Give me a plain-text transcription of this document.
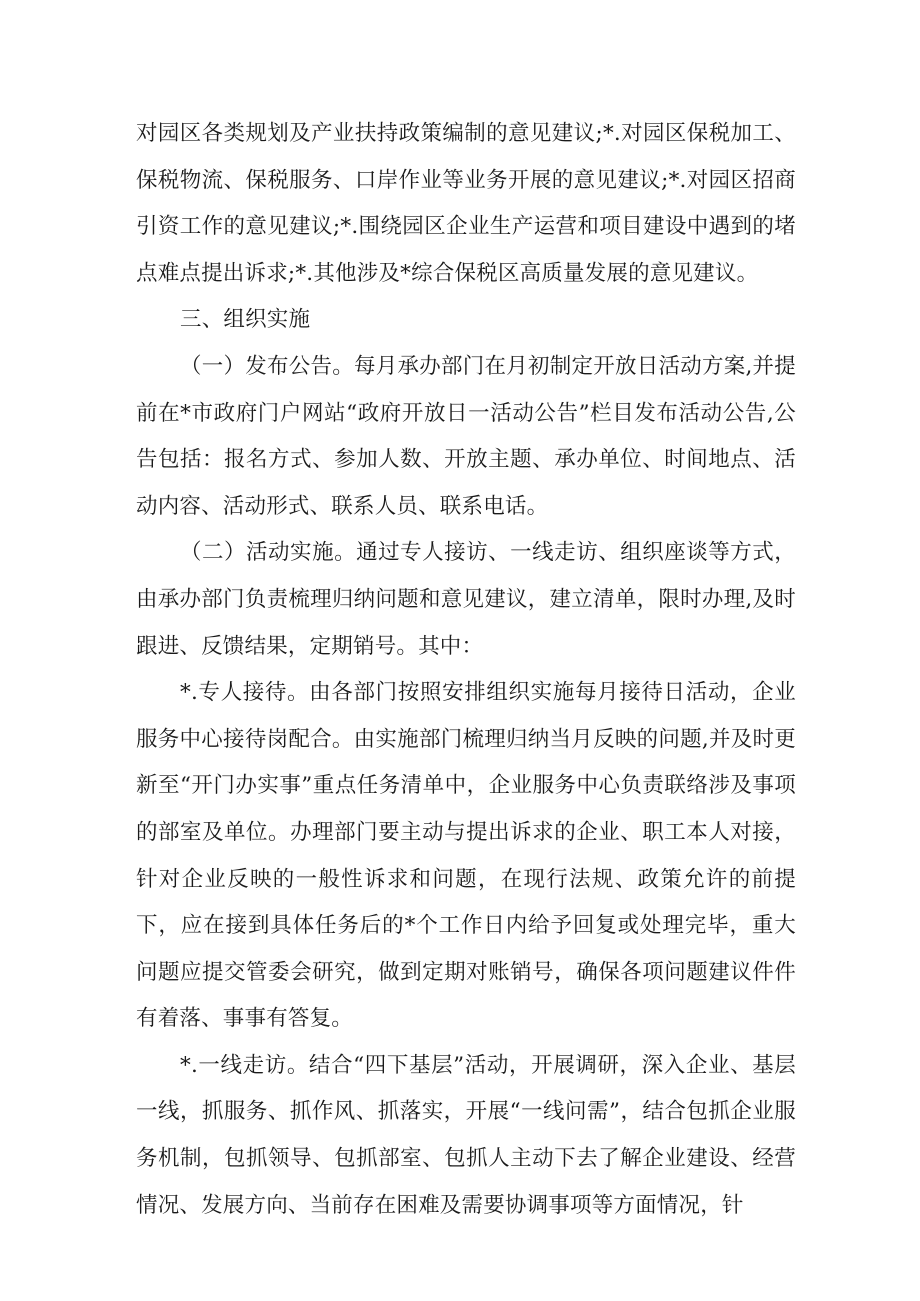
对园区各类规划及产业扶持政策编制的意见建议;*.对园区保税加工、保税物流、保税服务、口岸作业等业务开展的意见建议;*.对园区招商引资工作的意见建议;*.围绕园区企业生产运营和项目建设中遇到的堵点难点提出诉求;*.其他涉及*综合保税区高质量发展的意见建议。

三、组织实施

（一）发布公告。每月承办部门在月初制定开放日活动方案,并提前在*市政府门户网站“政府开放日一活动公告”栏目发布活动公告,公告包括：报名方式、参加人数、开放主题、承办单位、时间地点、活动内容、活动形式、联系人员、联系电话。

（二）活动实施。通过专人接访、一线走访、组织座谈等方式，由承办部门负责梳理归纳问题和意见建议，建立清单，限时办理,及时跟进、反馈结果，定期销号。其中：

*.专人接待。由各部门按照安排组织实施每月接待日活动，企业服务中心接待岗配合。由实施部门梳理归纳当月反映的问题,并及时更新至“开门办实事”重点任务清单中，企业服务中心负责联络涉及事项的部室及单位。办理部门要主动与提出诉求的企业、职工本人对接，针对企业反映的一般性诉求和问题，在现行法规、政策允许的前提下，应在接到具体任务后的*个工作日内给予回复或处理完毕，重大问题应提交管委会研究，做到定期对账销号，确保各项问题建议件件有着落、事事有答复。

*.一线走访。结合“四下基层”活动，开展调研，深入企业、基层一线，抓服务、抓作风、抓落实，开展“一线问需”，结合包抓企业服务机制，包抓领导、包抓部室、包抓人主动下去了解企业建设、经营情况、发展方向、当前存在困难及需要协调事项等方面情况，针
